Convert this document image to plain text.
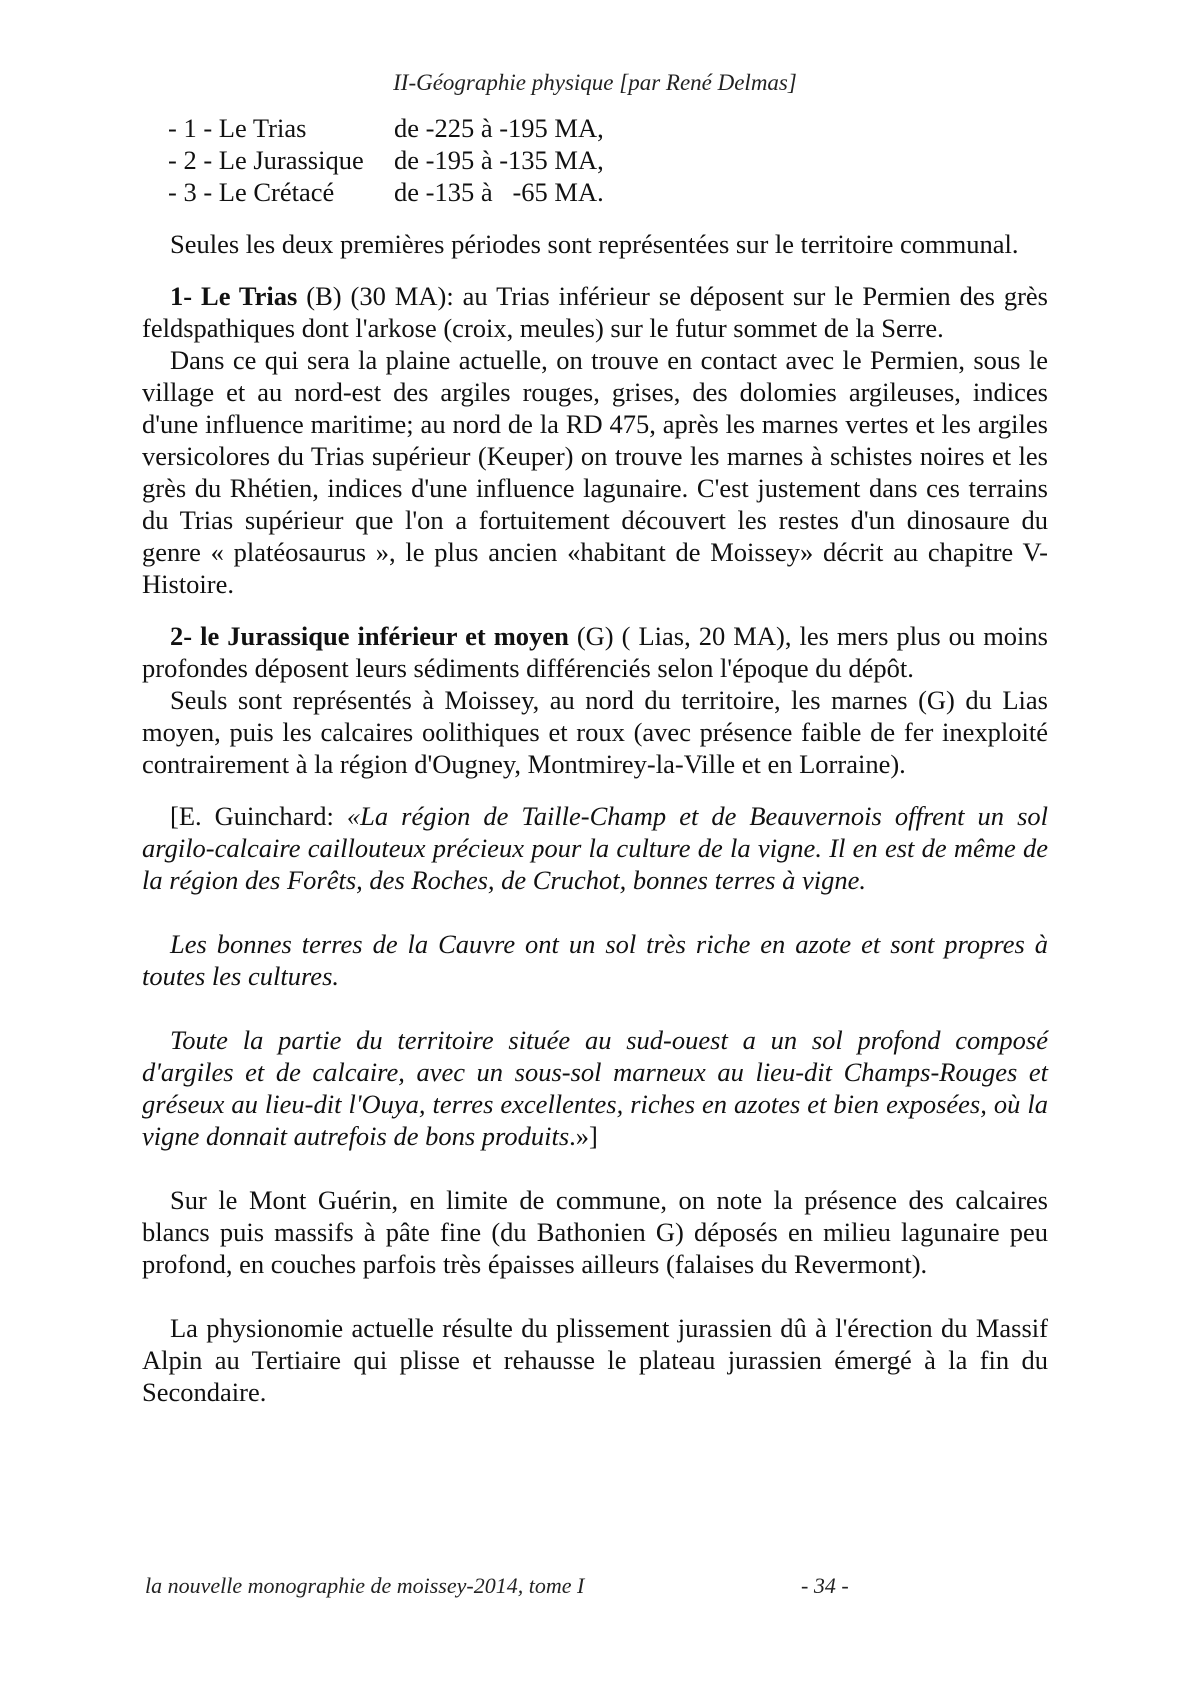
II-Géographie physique [par René Delmas]
- 1 - Le Trias	de -225 à -195 MA,
- 2 - Le Jurassique	de -195 à -135 MA,
- 3 - Le Crétacé	de -135 à   -65 MA.

Seules les deux premières périodes sont représentées sur le territoire communal.

1- Le Trias (B) (30 MA): au Trias inférieur se déposent sur le Permien des grès feldspathiques dont l'arkose (croix, meules) sur le futur sommet de la Serre.

Dans ce qui sera la plaine actuelle, on trouve en contact avec le Permien, sous le village et au nord-est des argiles rouges, grises, des dolomies argileuses, indices d'une influence maritime; au nord de la RD 475, après les marnes vertes et les argiles versicolores du Trias supérieur (Keuper) on trouve les marnes à schistes noires et les grès du Rhétien, indices d'une influence lagunaire. C'est justement dans ces terrains du Trias supérieur que l'on a fortuitement découvert les restes d'un dinosaure du genre « platéosaurus », le plus ancien «habitant de Moissey» décrit au chapitre V-Histoire.

2- le Jurassique inférieur et moyen (G) ( Lias, 20 MA), les mers plus ou moins profondes déposent leurs sédiments différenciés selon l'époque du dépôt.

Seuls sont représentés à Moissey, au nord du territoire, les marnes (G) du Lias moyen, puis les calcaires oolithiques et roux (avec présence faible de fer inexploité contrairement à la région d'Ougney, Montmirey-la-Ville et en Lorraine).

[E. Guinchard: «La région de Taille-Champ et de Beauvernois offrent un sol argilo-calcaire caillouteux précieux pour la culture de la vigne. Il en est de même de la région des Forêts, des Roches, de Cruchot, bonnes terres à vigne.

Les bonnes terres de la Cauvre ont un sol très riche en azote et sont propres à toutes les cultures.

Toute la partie du territoire située au sud-ouest a un sol profond composé d'argiles et de calcaire, avec un sous-sol marneux au lieu-dit Champs-Rouges et gréseux au lieu-dit l'Ouya, terres excellentes, riches en azotes et bien exposées, où la vigne donnait autrefois de bons produits.»]

Sur le Mont Guérin, en limite de commune, on note la présence des calcaires blancs puis massifs à pâte fine (du Bathonien G) déposés en milieu lagunaire peu profond, en couches parfois très épaisses ailleurs (falaises du Revermont).

La physionomie actuelle résulte du plissement jurassien dû à l'érection du Massif Alpin au Tertiaire qui plisse et rehausse le plateau jurassien émergé à la fin du Secondaire.

la nouvelle monographie de moissey-2014, tome I	- 34 -
